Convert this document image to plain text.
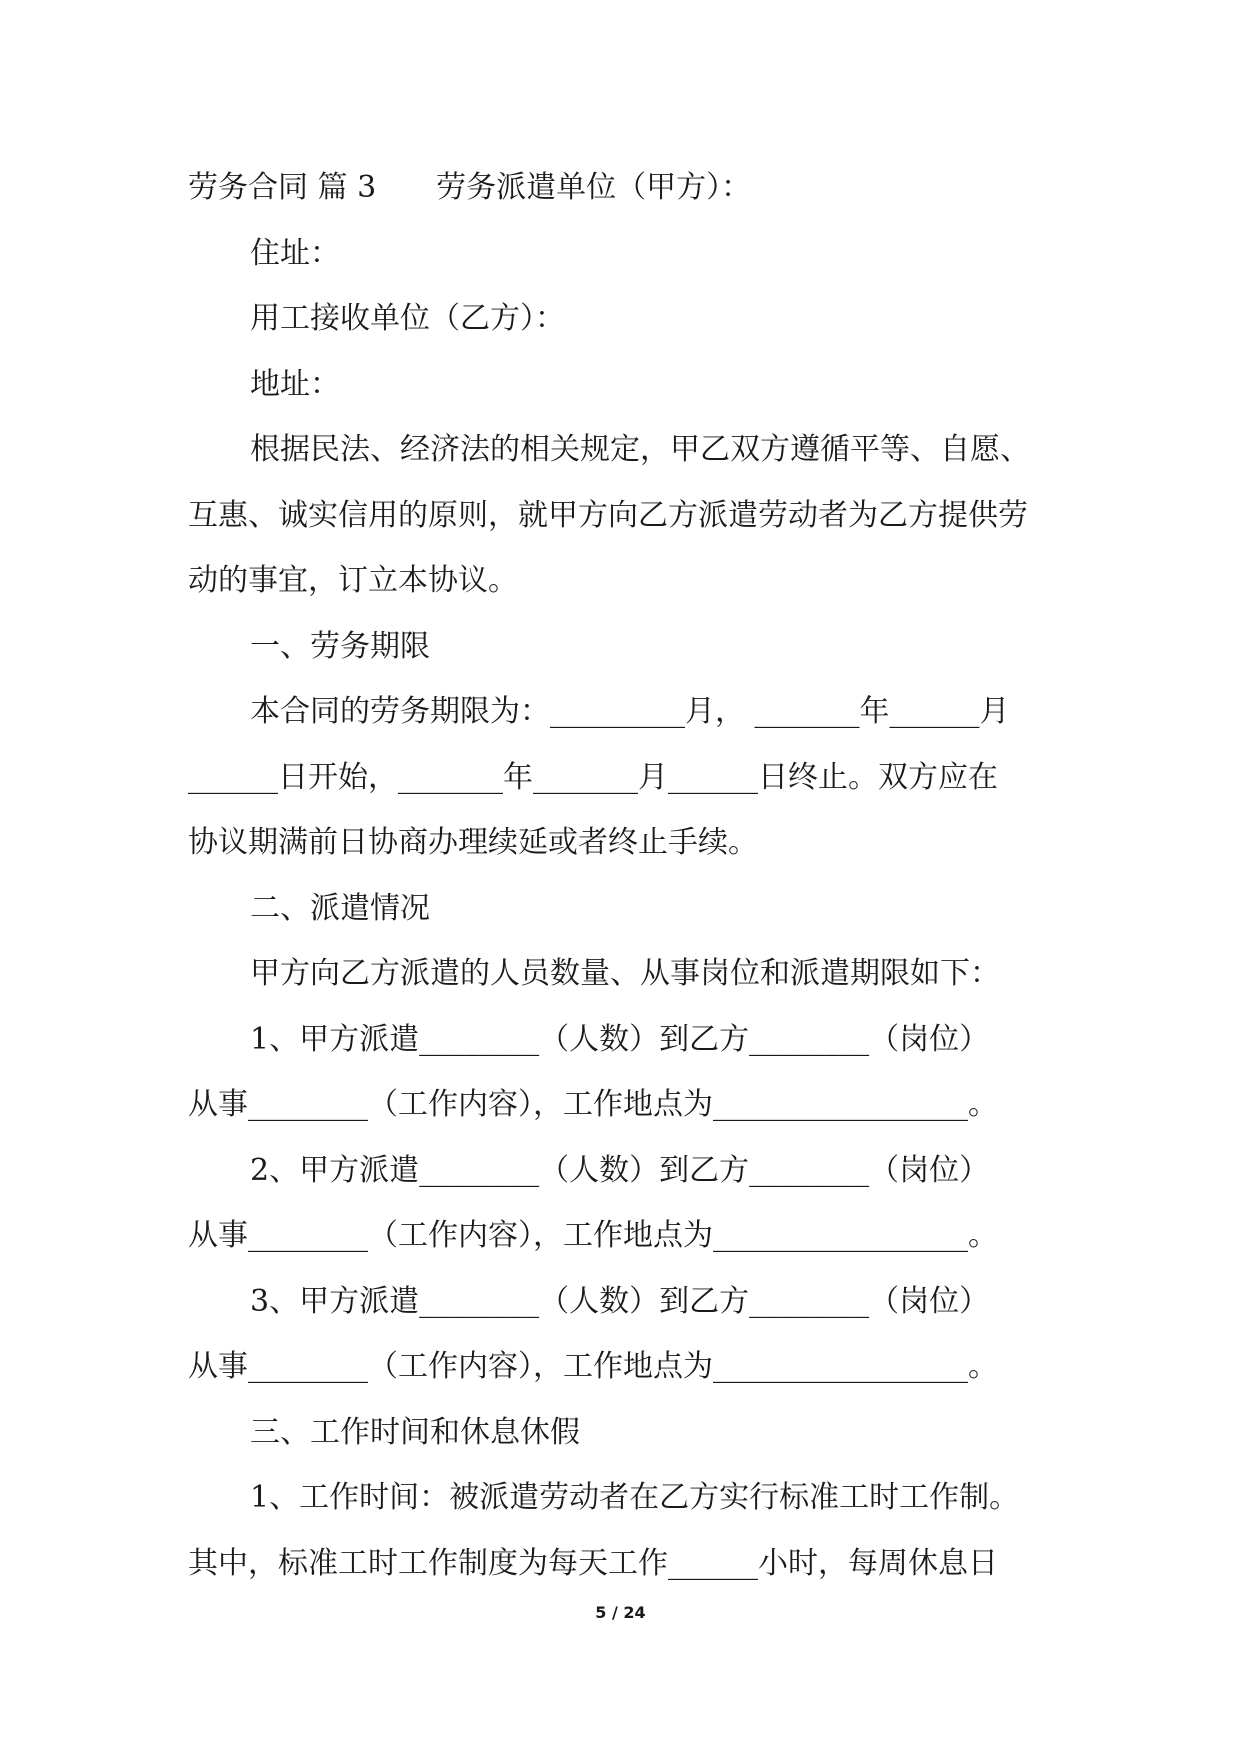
劳务合同 篇 3 劳务派遣单位（甲方）：
住址：
用工接收单位（乙方）：
地址：
根据民法、经济法的相关规定，甲乙双方遵循平等、自愿、
互惠、诚实信用的原则，就甲方向乙方派遣劳动者为乙方提供劳
动的事宜，订立本协议。
一、劳务期限
本合同的劳务期限为：_________月， _______年______月
______日开始，_______年_______月______日终止。双方应在
协议期满前日协商办理续延或者终止手续。
二、派遣情况
甲方向乙方派遣的人员数量、从事岗位和派遣期限如下：
1、甲方派遣________（人数）到乙方________（岗位）
从事________（工作内容），工作地点为_________________。
2、甲方派遣________（人数）到乙方________（岗位）
从事________（工作内容），工作地点为_________________。
3、甲方派遣________（人数）到乙方________（岗位）
从事________（工作内容），工作地点为_________________。
三、工作时间和休息休假
1、工作时间：被派遣劳动者在乙方实行标准工时工作制。
其中，标准工时工作制度为每天工作______小时，每周休息日
5 / 24
